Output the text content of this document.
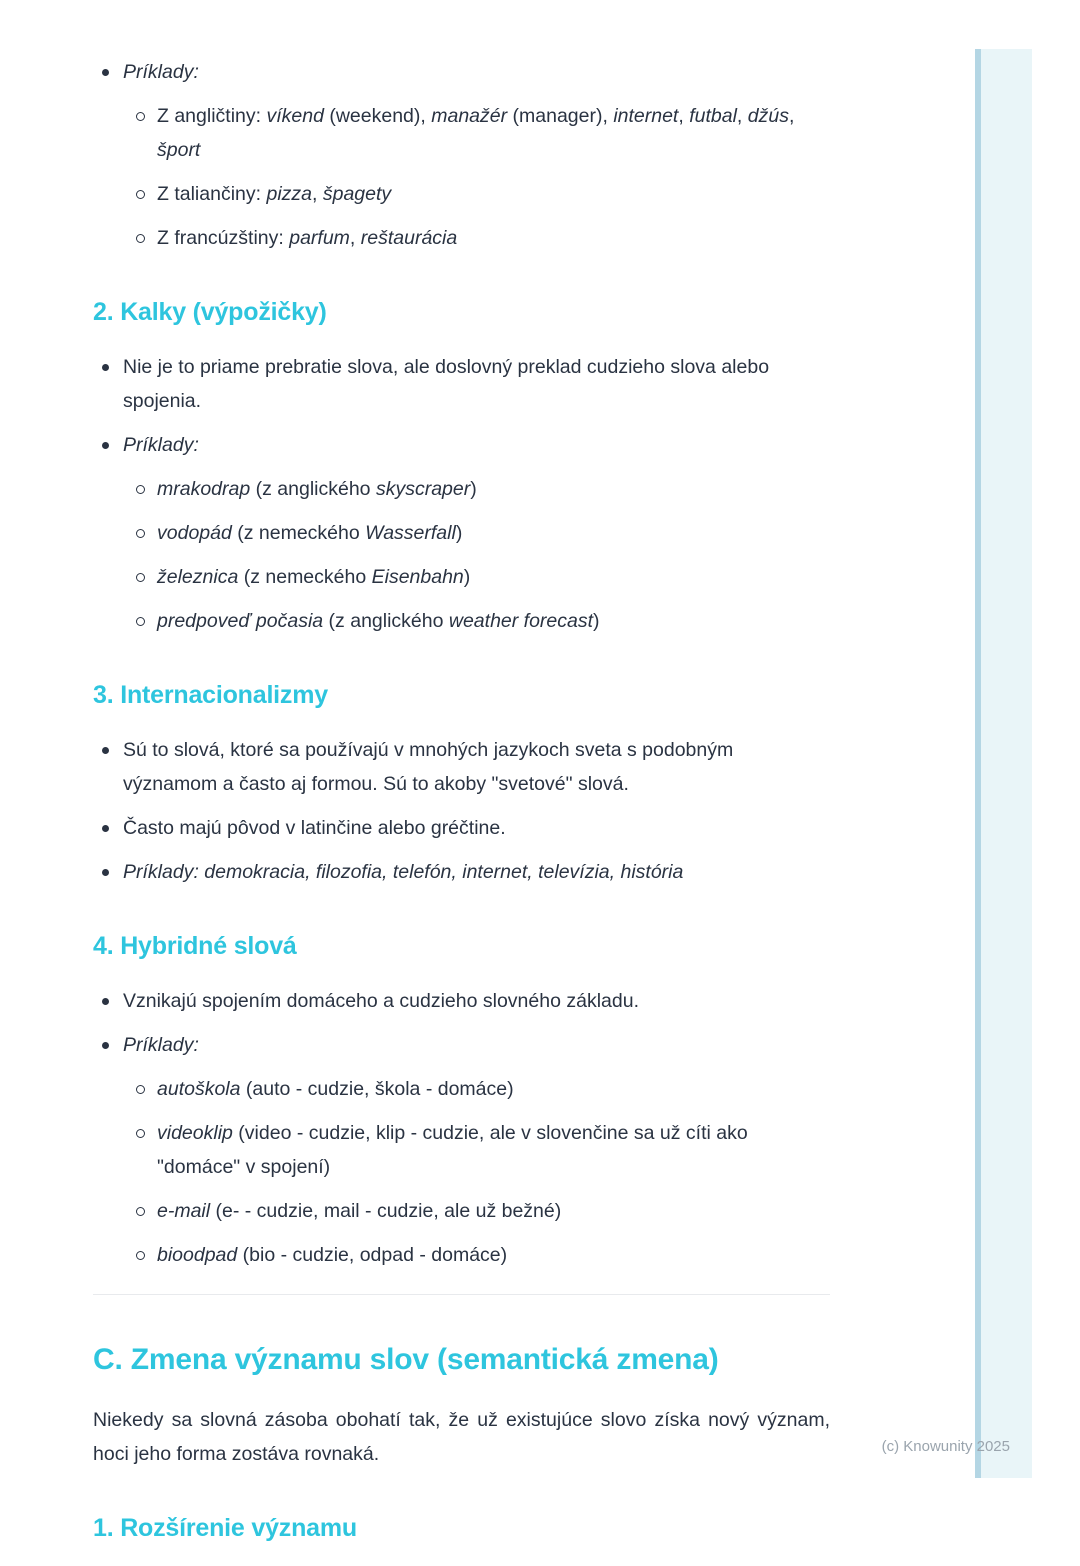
Príklady:
Z angličtiny: víkend (weekend), manažér (manager), internet, futbal, džús, šport
Z taliančiny: pizza, špagety
Z francúzštiny: parfum, reštaurácia
2. Kalky (výpožičky)
Nie je to priame prebratie slova, ale doslovný preklad cudzieho slova alebo spojenia.
Príklady:
mrakodrap (z anglického skyscraper)
vodopád (z nemeckého Wasserfall)
železnica (z nemeckého Eisenbahn)
predpoveď počasia (z anglického weather forecast)
3. Internacionalizmy
Sú to slová, ktoré sa používajú v mnohých jazykoch sveta s podobným významom a často aj formou. Sú to akoby "svetové" slová.
Často majú pôvod v latinčine alebo gréčtine.
Príklady: demokracia, filozofia, telefón, internet, televízia, história
4. Hybridné slová
Vznikajú spojením domáceho a cudzieho slovného základu.
Príklady:
autoškola (auto - cudzie, škola - domáce)
videoklip (video - cudzie, klip - cudzie, ale v slovenčine sa už cíti ako "domáce" v spojení)
e-mail (e- - cudzie, mail - cudzie, ale už bežné)
bioodpad (bio - cudzie, odpad - domáce)
C. Zmena významu slov (semantická zmena)

Niekedy sa slovná zásoba obohatí tak, že už existujúce slovo získa nový význam, hoci jeho forma zostáva rovnaká.

1. Rozšírenie významu
(c) Knowunity 2025
